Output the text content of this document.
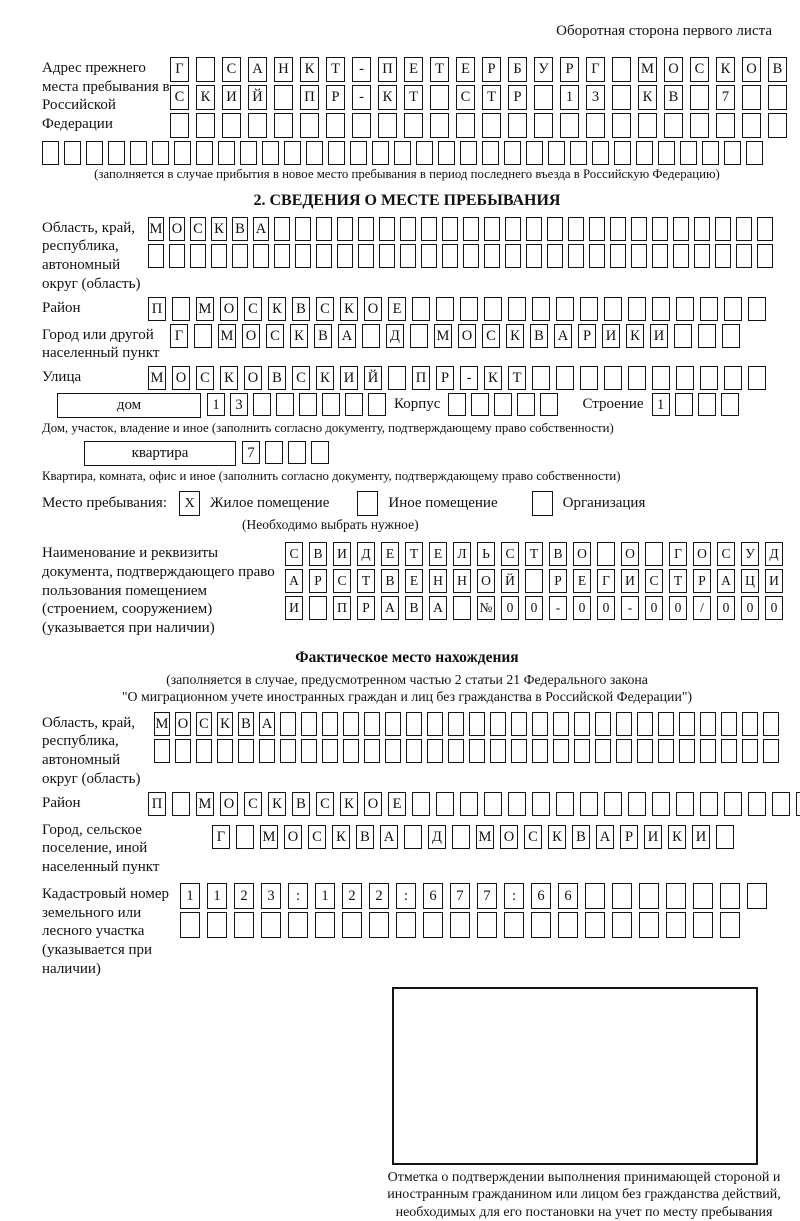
Оборотная сторона первого листа
Адрес прежнего места пребывания в Российской Федерации
Г	С	А Н	К	Т	-	П	Е	Т	Е	Р	Б	У	Р	Г	М О	С	К	О	В
С	К	И Й	П	Р	-	К	Т	С	Т	Р	1	3	К	В	7
(заполняется в случае прибытия в новое место пребывания в период последнего въезда в Российскую Федерацию)
2. СВЕДЕНИЯ О МЕСТЕ ПРЕБЫВАНИЯ
Область, край, республика, автономный округ (область)
М О С К В А
Район	П	М О С К В С К О Е
Город или другой населенный пункт
Г	М О С К В А	Д	М О С К В А	Р	И К И
Улица	М О С К О В С К И Й	П	Р	-	К	Т
дом	1	3	Корпус	Строение 1
Дом, участок, владение и иное (заполнить согласно документу, подтверждающему право собственности)
квартира	7
Квартира, комната, офис и иное (заполнить согласно документу, подтверждающему право собственности)
Место пребывания:	X	Жилое помещение	Иное помещение	Организация
(Необходимо выбрать нужное)
Наименование и реквизиты документа, подтверждающего право пользования помещением (строением, сооружением) (указывается при наличии)
С	В	И	Д	Е	Т	Е	Л	Ь	С	Т	В	О	О	Г	О	С	У	Д
А	Р	С	Т	В	Е	Н	Н	О	Й	Р	Е	Г	И	С	Т	Р	А	Ц	И
И	П	Р	А	В	А	№	0	0	-	0	0	-	0	0	/	0	0	0
Фактическое место нахождения
(заполняется в случае, предусмотренном частью 2 статьи 21 Федерального закона
"О миграционном учете иностранных граждан и лиц без гражданства в Российской Федерации")
Область, край, республика, автономный округ (область)
М О С К В А
Район	П	М О С К В С К О Е
Город, сельское поселение, иной населенный пункт
Г	М О С К В А	Д	М О С К В А	Р	И К И
Кадастровый номер земельного или лесного участка (указывается при наличии)
1	1	2	3	:	1	2	2	:	6	7	7	:	6	6
Отметка о подтверждении выполнения принимающей стороной и иностранным гражданином или лицом без гражданства действий, необходимых для его постановки на учет по месту пребывания
